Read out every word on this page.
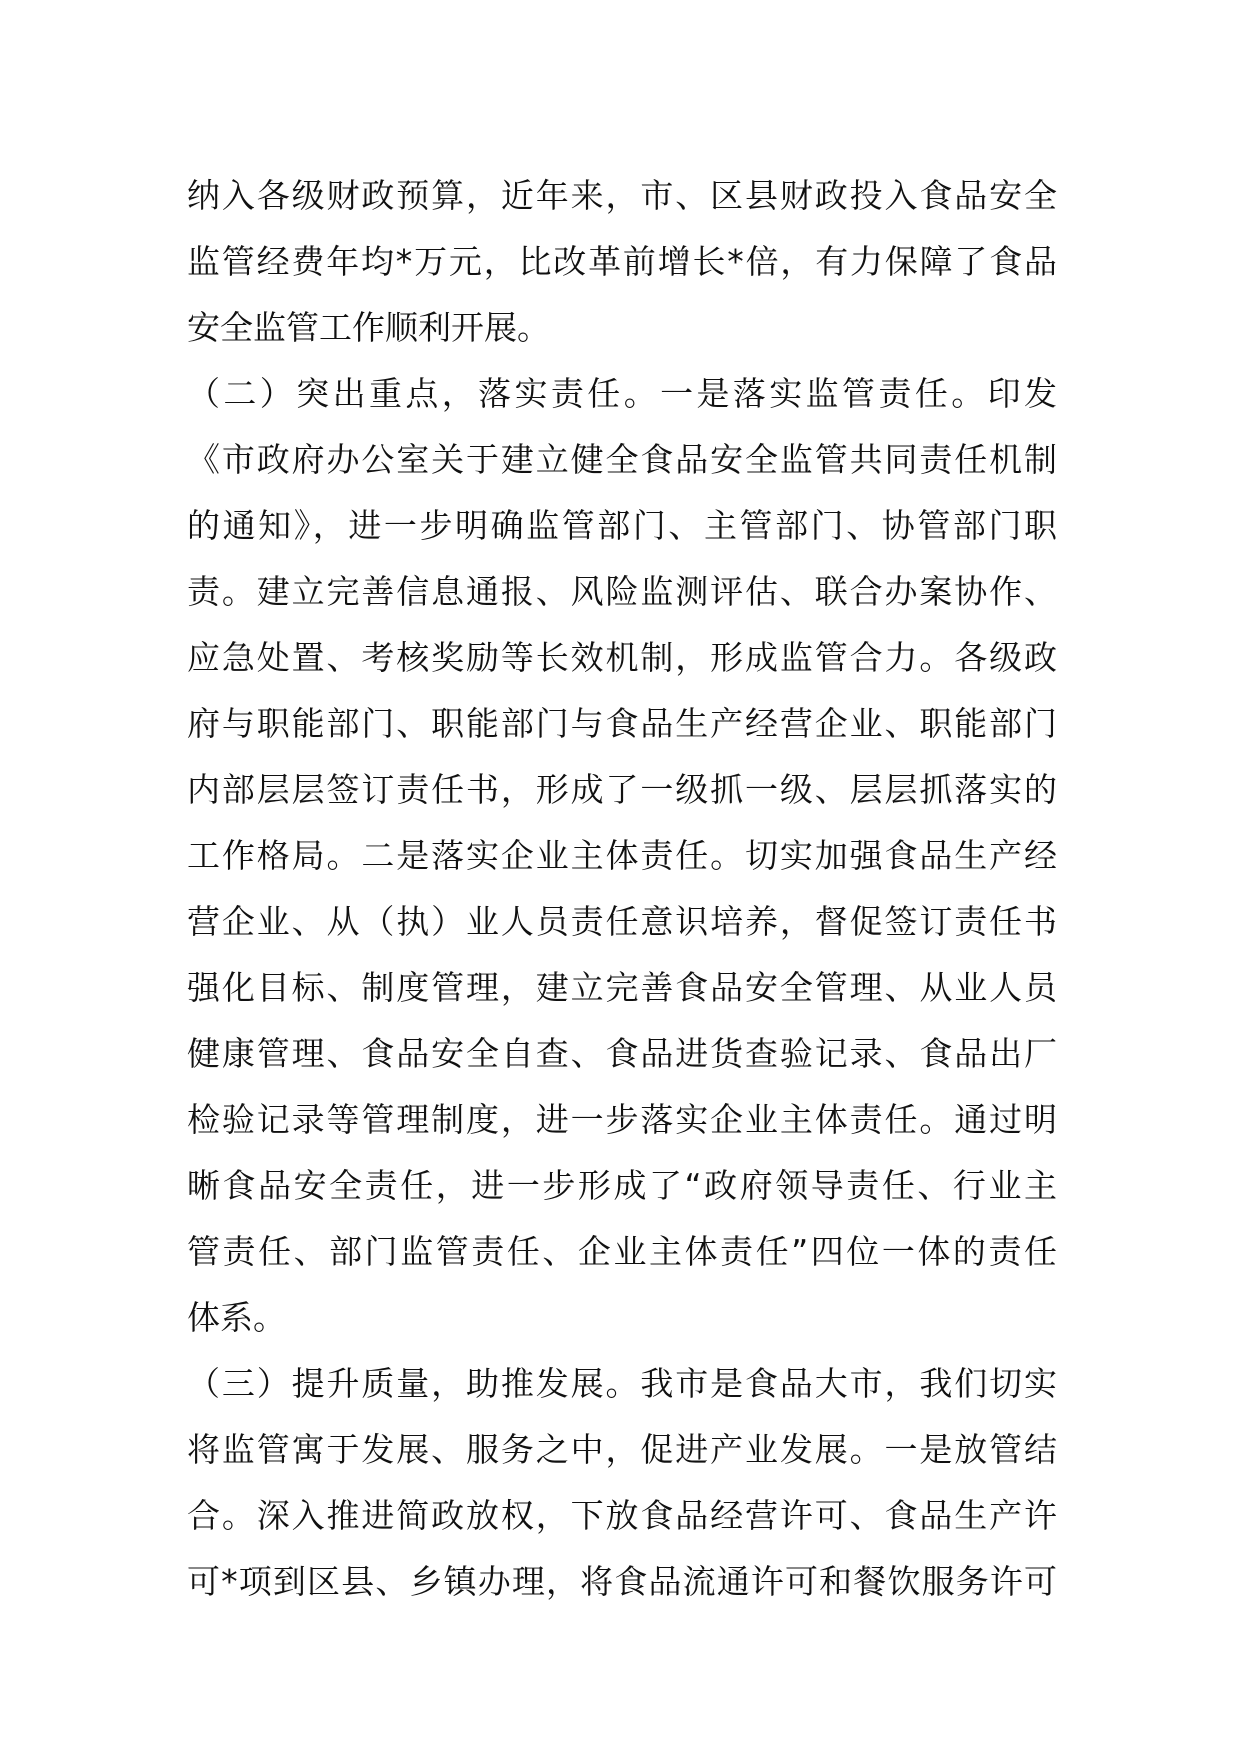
纳入各级财政预算，近年来，市、区县财政投入食品安全
监管经费年均*万元，比改革前增长*倍，有力保障了食品
安全监管工作顺利开展。
（二）突出重点，落实责任。一是落实监管责任。印发
《市政府办公室关于建立健全食品安全监管共同责任机制
的通知》，进一步明确监管部门、主管部门、协管部门职
责。建立完善信息通报、风险监测评估、联合办案协作、
应急处置、考核奖励等长效机制，形成监管合力。各级政
府与职能部门、职能部门与食品生产经营企业、职能部门
内部层层签订责任书，形成了一级抓一级、层层抓落实的
工作格局。二是落实企业主体责任。切实加强食品生产经
营企业、从（执）业人员责任意识培养，督促签订责任书
强化目标、制度管理，建立完善食品安全管理、从业人员
健康管理、食品安全自查、食品进货查验记录、食品出厂
检验记录等管理制度，进一步落实企业主体责任。通过明
晰食品安全责任，进一步形成了“政府领导责任、行业主
管责任、部门监管责任、企业主体责任”四位一体的责任
体系。
（三）提升质量，助推发展。我市是食品大市，我们切实
将监管寓于发展、服务之中，促进产业发展。一是放管结
合。深入推进简政放权，下放食品经营许可、食品生产许
可*项到区县、乡镇办理，将食品流通许可和餐饮服务许可
